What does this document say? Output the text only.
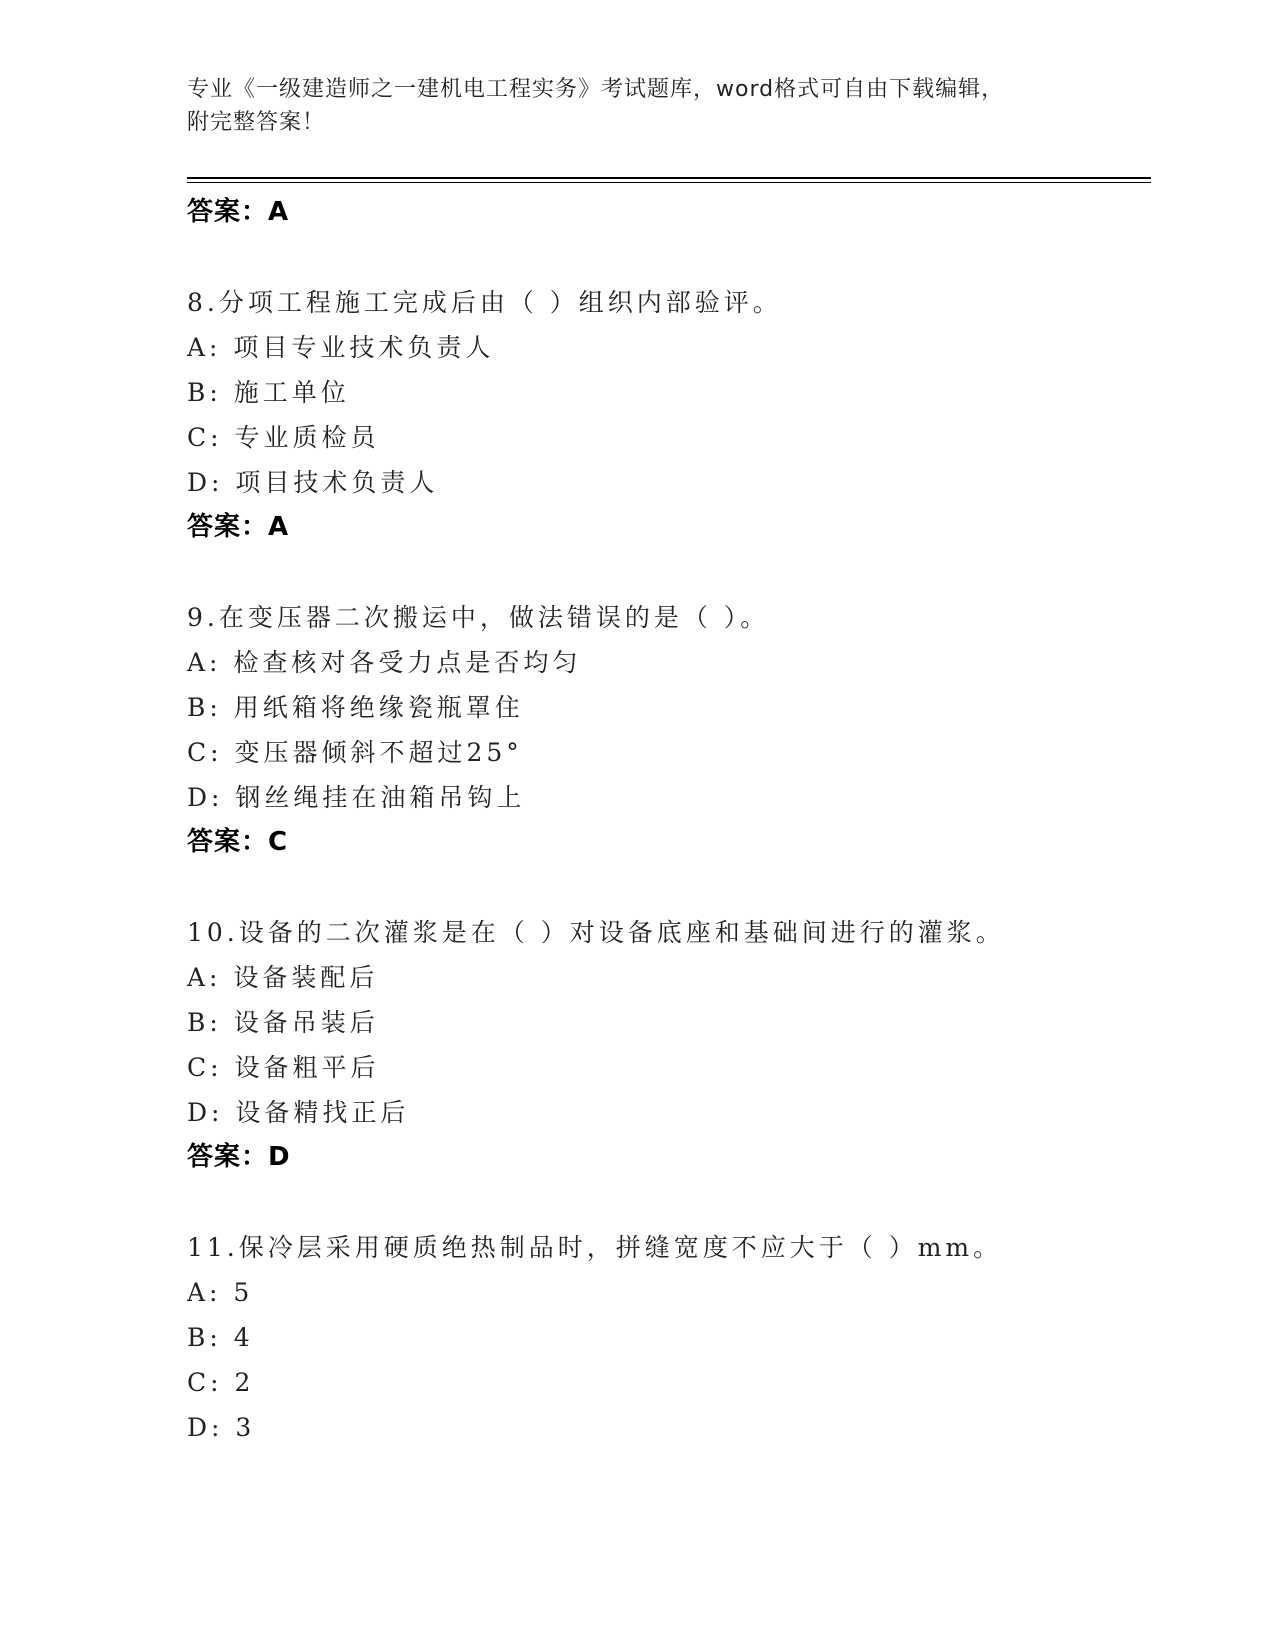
专业《一级建造师之一建机电工程实务》考试题库，word格式可自由下载编辑，
附完整答案！
答案：A
8.分项工程施工完成后由（ ）组织内部验评。
A: 项目专业技术负责人
B: 施工单位
C: 专业质检员
D: 项目技术负责人
答案：A
9.在变压器二次搬运中，做法错误的是（ ）。
A: 检查核对各受力点是否均匀
B: 用纸箱将绝缘瓷瓶罩住
C: 变压器倾斜不超过25°
D: 钢丝绳挂在油箱吊钩上
答案：C
10.设备的二次灌浆是在（ ）对设备底座和基础间进行的灌浆。
A: 设备装配后
B: 设备吊装后
C: 设备粗平后
D: 设备精找正后
答案：D
11.保冷层采用硬质绝热制品时，拼缝宽度不应大于（ ）mm。
A: 5
B: 4
C: 2
D: 3
